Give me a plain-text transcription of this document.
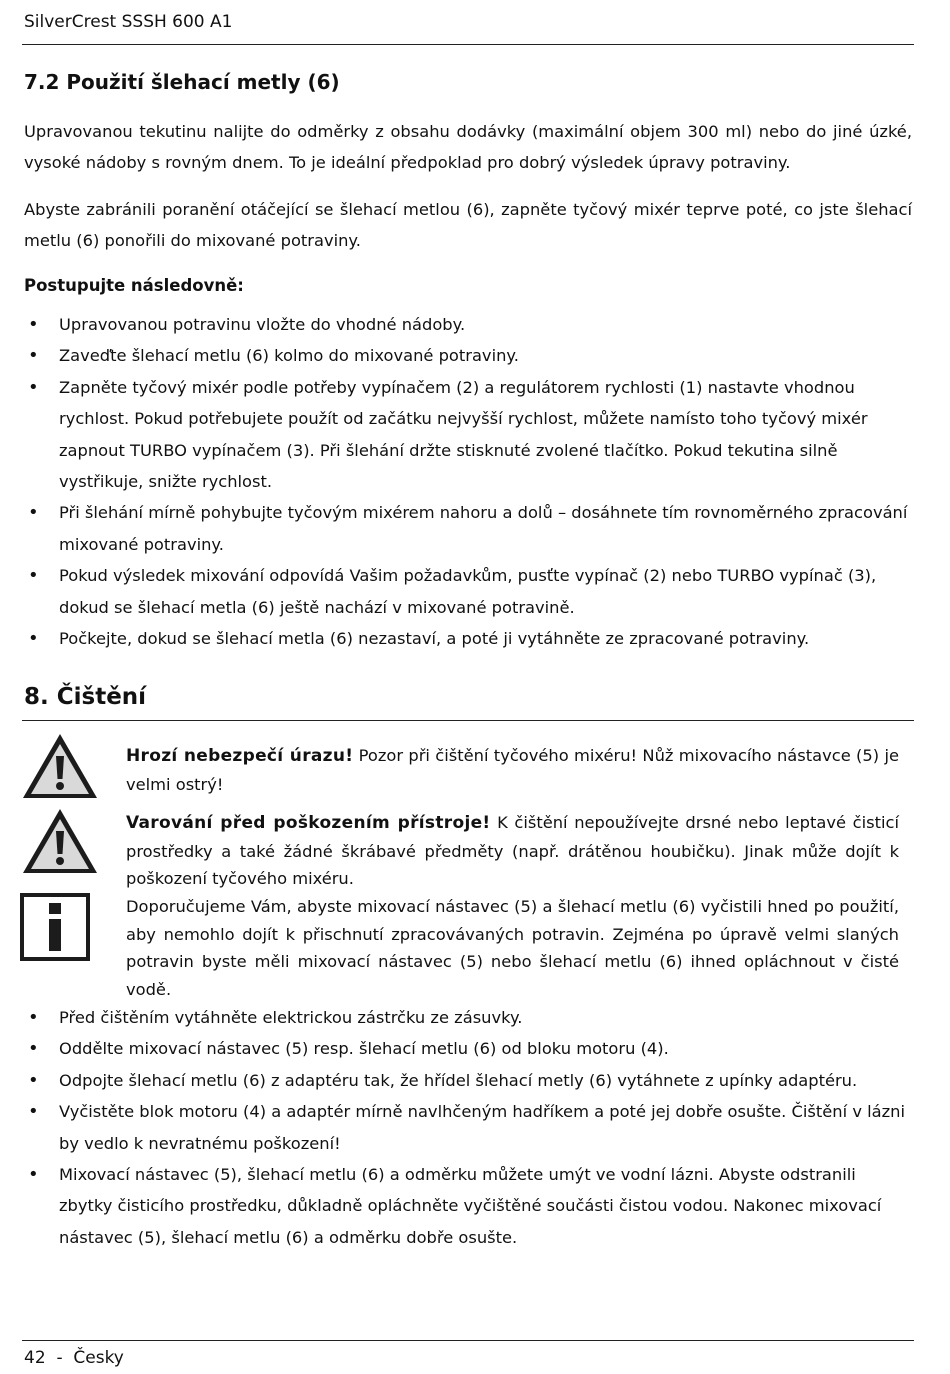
SilverCrest SSSH 600 A1
7.2 Použití šlehací metly (6)

Upravovanou tekutinu nalijte do odměrky z obsahu dodávky (maximální objem 300 ml) nebo do jiné úzké, vysoké nádoby s rovným dnem. To je ideální předpoklad pro dobrý výsledek úpravy potraviny.

Abyste zabránili poranění otáčející se šlehací metlou (6), zapněte tyčový mixér teprve poté, co jste šlehací metlu (6) ponořili do mixované potraviny.

Postupujte následovně:
• Upravovanou potravinu vložte do vhodné nádoby.
• Zaveďte šlehací metlu (6) kolmo do mixované potraviny.
• Zapněte tyčový mixér podle potřeby vypínačem (2) a regulátorem rychlosti (1) nastavte vhodnou rychlost. Pokud potřebujete použít od začátku nejvyšší rychlost, můžete namísto toho tyčový mixér zapnout TURBO vypínačem (3). Při šlehání držte stisknuté zvolené tlačítko. Pokud tekutina silně vystřikuje, snižte rychlost.
• Při šlehání mírně pohybujte tyčovým mixérem nahoru a dolů – dosáhnete tím rovnoměrného zpracování mixované potraviny.
• Pokud výsledek mixování odpovídá Vašim požadavkům, pusťte vypínač (2) nebo TURBO vypínač (3), dokud se šlehací metla (6) ještě nachází v mixované potravině.
• Počkejte, dokud se šlehací metla (6) nezastaví, a poté ji vytáhněte ze zpracované potraviny.
8. Čištění

Hrozí nebezpečí úrazu! Pozor při čištění tyčového mixéru! Nůž mixovacího nástavce (5) je velmi ostrý!

Varování před poškozením přístroje! K čištění nepoužívejte drsné nebo leptavé čisticí prostředky a také žádné škrábavé předměty (např. drátěnou houbičku). Jinak může dojít k poškození tyčového mixéru.

Doporučujeme Vám, abyste mixovací nástavec (5) a šlehací metlu (6) vyčistili hned po použití, aby nemohlo dojít k přischnutí zpracovávaných potravin. Zejména po úpravě velmi slaných potravin byste měli mixovací nástavec (5) nebo šlehací metlu (6) ihned opláchnout v čisté vodě.

• Před čištěním vytáhněte elektrickou zástrčku ze zásuvky.
• Oddělte mixovací nástavec (5) resp. šlehací metlu (6) od bloku motoru (4).
• Odpojte šlehací metlu (6) z adaptéru tak, že hřídel šlehací metly (6) vytáhnete z upínky adaptéru.
• Vyčistěte blok motoru (4) a adaptér mírně navlhčeným hadříkem a poté jej dobře osušte. Čištění v lázni by vedlo k nevratnému poškození!
• Mixovací nástavec (5), šlehací metlu (6) a odměrku můžete umýt ve vodní lázni. Abyste odstranili zbytky čisticího prostředku, důkladně opláchněte vyčištěné součásti čistou vodou. Nakonec mixovací nástavec (5), šlehací metlu (6) a odměrku dobře osušte.
42  -  Česky
